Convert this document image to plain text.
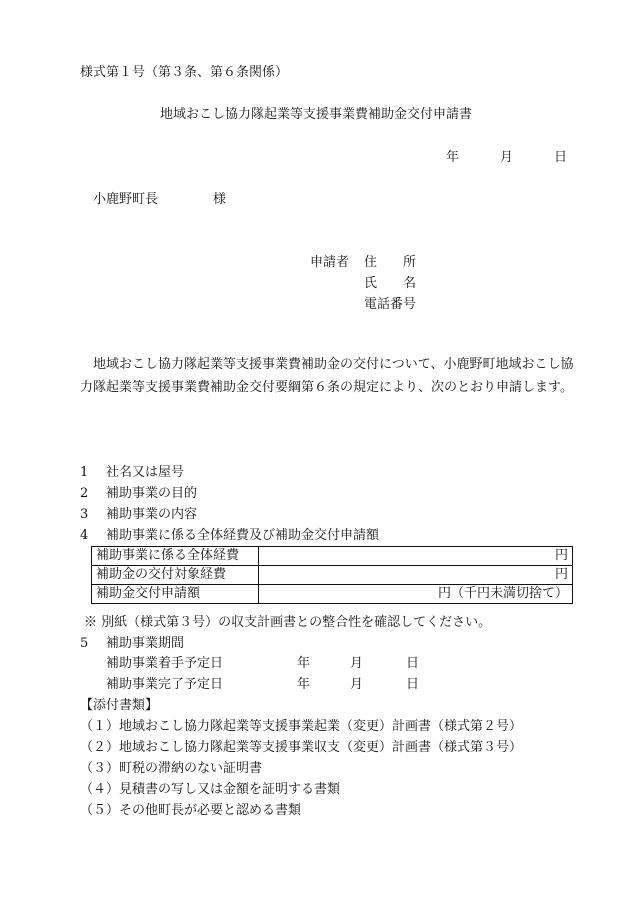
様式第１号（第３条、第６条関係）
地域おこし協力隊起業等支援事業費補助金交付申請書
年	月	日
小鹿野町長	様
申請者 住　　所
氏　　名
電話番号
地域おこし協力隊起業等支援事業費補助金の交付について、小鹿野町地域おこし協力隊起業等支援事業費補助金交付要綱第６条の規定により、次のとおり申請します。
1 社名又は屋号
2 補助事業の目的
3 補助事業の内容
4 補助事業に係る全体経費及び補助金交付申請額
補助事業に係る全体経費	円
補助金の交付対象経費	円
補助金交付申請額	円（千円未満切捨て）
※ 別紙（様式第３号）の収支計画書との整合性を確認してください。
5 補助事業期間
補助事業着手予定日	年	月	日
補助事業完了予定日	年	月	日
【添付書類】
（１）地域おこし協力隊起業等支援事業起業（変更）計画書（様式第２号）
（２）地域おこし協力隊起業等支援事業収支（変更）計画書（様式第３号）
（３）町税の滞納のない証明書
（４）見積書の写し又は金額を証明する書類
（５）その他町長が必要と認める書類
